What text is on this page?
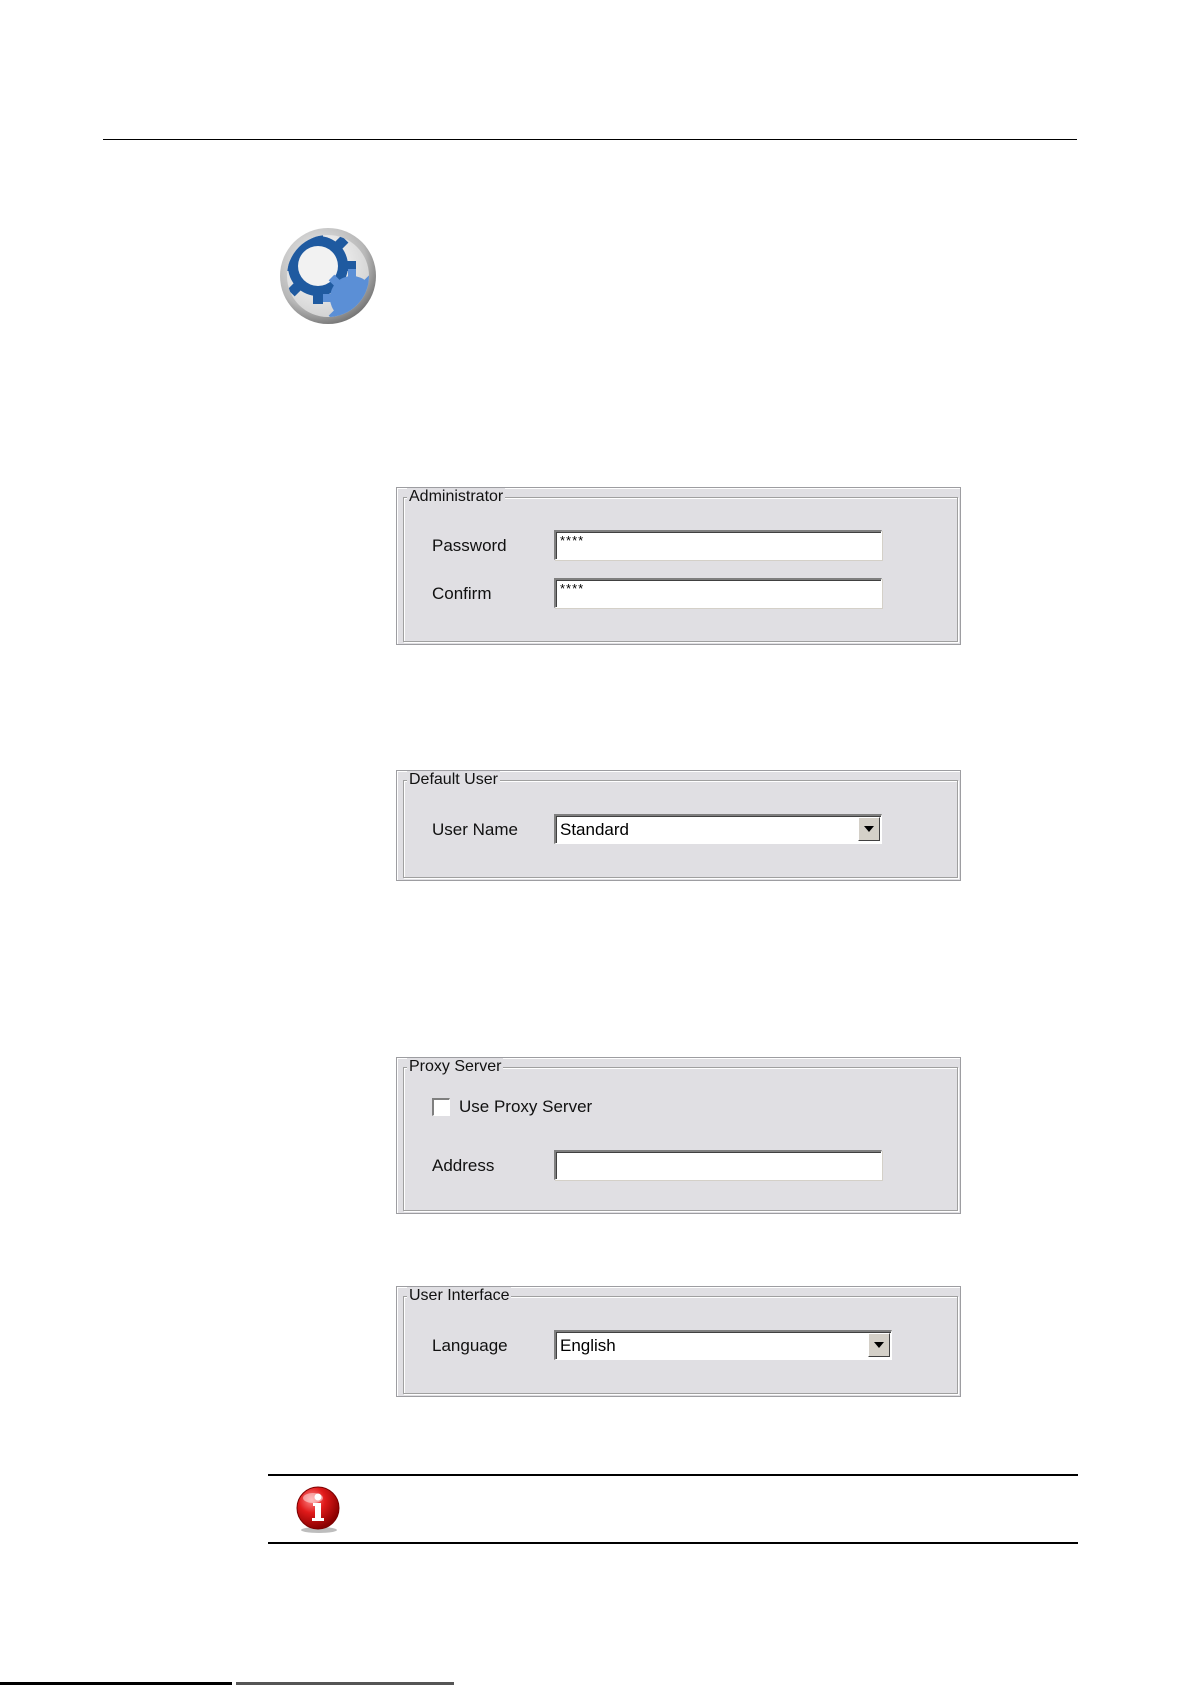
Administrator
Password	****
Confirm	****
Default User
User Name Standard
Proxy Server
Use Proxy Server
Address
User Interface
Language	English
